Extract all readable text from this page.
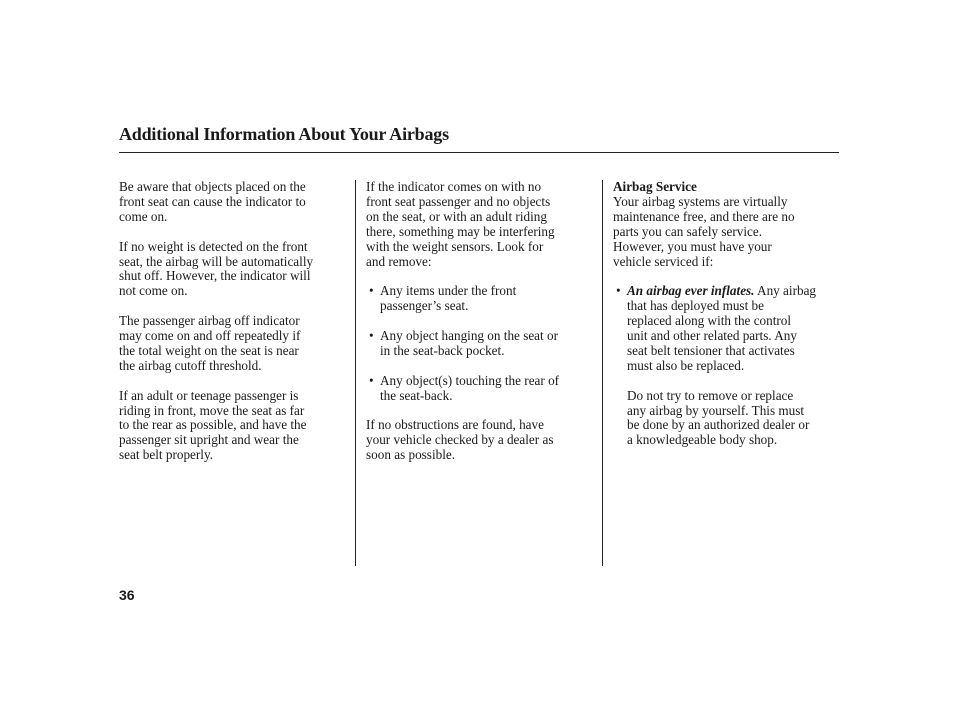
Additional Information About Your Airbags

Be aware that objects placed on the

front seat can cause the indicator to

come on.

If no weight is detected on the front

seat, the airbag will be automatically

shut off. However, the indicator will

not come on.

The passenger airbag off indicator

may come on and off repeatedly if

the total weight on the seat is near

the airbag cutoff threshold.

If an adult or teenage passenger is

riding in front, move the seat as far

to the rear as possible, and have the

passenger sit upright and wear the

seat belt properly.

If the indicator comes on with no

front seat passenger and no objects

on the seat, or with an adult riding

there, something may be interfering

with the weight sensors. Look for

and remove:

• Any items under the front

passenger’s seat.

• Any object hanging on the seat or

in the seat-back pocket.

• Any object(s) touching the rear of

the seat-back.

If no obstructions are found, have

your vehicle checked by a dealer as

soon as possible.

Airbag Service

Your airbag systems are virtually

maintenance free, and there are no

parts you can safely service.

However, you must have your

vehicle serviced if:

• An airbag ever inflates. Any airbag

that has deployed must be

replaced along with the control

unit and other related parts. Any

seat belt tensioner that activates

must also be replaced.

Do not try to remove or replace

any airbag by yourself. This must

be done by an authorized dealer or

a knowledgeable body shop.

36
